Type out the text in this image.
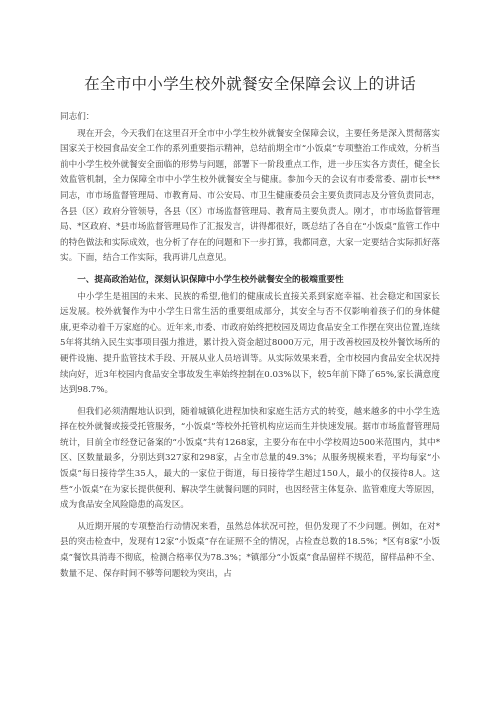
在全市中小学生校外就餐安全保障会议上的讲话

同志们：

现在开会，今天我们在这里召开全市中小学生校外就餐安全保障会议，主要任务是深入贯彻落实国家关于校园食品安全工作的系列重要指示精神，总结前期全市“小饭桌”专项整治工作成效，分析当前中小学生校外就餐安全面临的形势与问题，部署下一阶段重点工作，进一步压实各方责任，健全长效监管机制，全力保障全市中小学生校外就餐安全与健康。参加今天的会议有市委常委、副市长***同志，市市场监督管理局、市教育局、市公安局、市卫生健康委员会主要负责同志及分管负责同志，各县（区）政府分管领导，各县（区）市场监督管理局、教育局主要负责人。刚才，市市场监督管理局、*区政府、*县市场监督管理局作了汇报发言，讲得都很好，既总结了各自在“小饭桌”监管工作中的特色做法和实际成效，也分析了存在的问题和下一步打算，我都同意，大家一定要结合实际抓好落实。下面，结合工作实际，我再讲几点意见。

一、提高政治站位，深刻认识保障中小学生校外就餐安全的极端重要性

中小学生是祖国的未来、民族的希望,他们的健康成长直接关系到家庭幸福、社会稳定和国家长远发展。校外就餐作为中小学生日常生活的重要组成部分，其安全与否不仅影响着孩子们的身体健康,更牵动着千万家庭的心。近年来,市委、市政府始终把校园及周边食品安全工作摆在突出位置,连续5年将其纳入民生实事项目强力推进，累计投入资金超过8000万元，用于改善校园及校外餐饮场所的硬件设施、提升监管技术手段、开展从业人员培训等。从实际效果来看，全市校园内食品安全状况持续向好，近3年校园内食品安全事故发生率始终控制在0.03%以下，较5年前下降了65%,家长满意度达到98.7%。

但我们必须清醒地认识到，随着城镇化进程加快和家庭生活方式的转变，越来越多的中小学生选择在校外就餐或接受托管服务，“小饭桌”等校外托管机构应运而生并快速发展。据市市场监督管理局统计，目前全市经登记备案的“小饭桌”共有1268家，主要分布在中小学校周边500米范围内，其中*区、区数量最多，分别达到327家和298家，占全市总量的49.3%；从服务规模来看，平均每家“小饭桌”每日接待学生35人，最大的一家位于街道，每日接待学生超过150人，最小的仅接待8人。这些“小饭桌”在为家长提供便利、解决学生就餐问题的同时，也因经营主体复杂、监管难度大等原因，成为食品安全风险隐患的高发区。

从近期开展的专项整治行动情况来看，虽然总体状况可控，但仍发现了不少问题。例如，在对*县的突击检查中，发现有12家“小饭桌”存在证照不全的情况，占检查总数的18.5%；*区有8家“小饭桌”餐饮具消毒不彻底，检测合格率仅为78.3%；*镇部分“小饭桌”食品留样不规范，留样品种不全、数量不足、保存时间不够等问题较为突出，占
